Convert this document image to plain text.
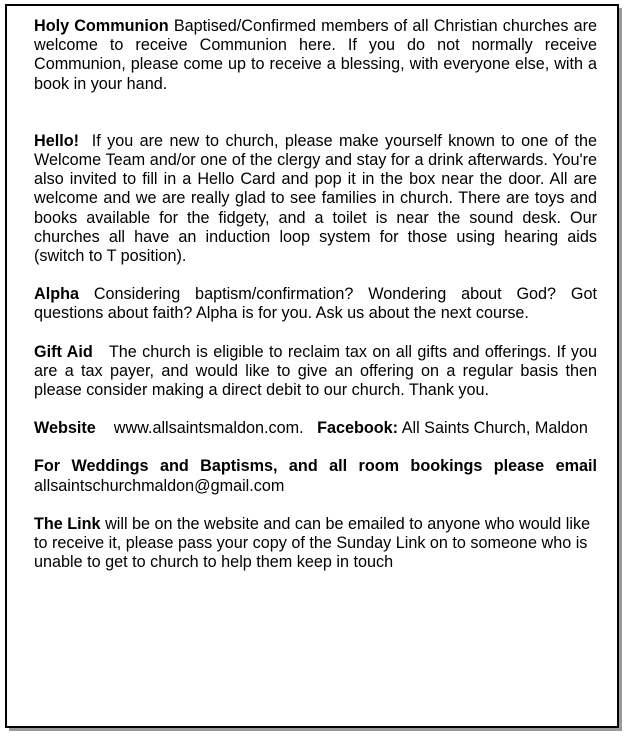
Holy Communion Baptised/Confirmed members of all Christian churches are welcome to receive Communion here. If you do not normally receive Communion, please come up to receive a blessing, with everyone else, with a book in your hand.

Hello! If you are new to church, please make yourself known to one of the Welcome Team and/or one of the clergy and stay for a drink afterwards. You're also invited to fill in a Hello Card and pop it in the box near the door. All are welcome and we are really glad to see families in church. There are toys and books available for the fidgety, and a toilet is near the sound desk. Our churches all have an induction loop system for those using hearing aids (switch to T position).

Alpha Considering baptism/confirmation? Wondering about God? Got questions about faith? Alpha is for you. Ask us about the next course.

Gift Aid The church is eligible to reclaim tax on all gifts and offerings. If you are a tax payer, and would like to give an offering on a regular basis then please consider making a direct debit to our church. Thank you.

Website www.allsaintsmaldon.com. Facebook: All Saints Church, Maldon

For Weddings and Baptisms, and all room bookings please email allsaintschurchmaldon@gmail.com

The Link will be on the website and can be emailed to anyone who would like to receive it, please pass your copy of the Sunday Link on to someone who is unable to get to church to help them keep in touch
